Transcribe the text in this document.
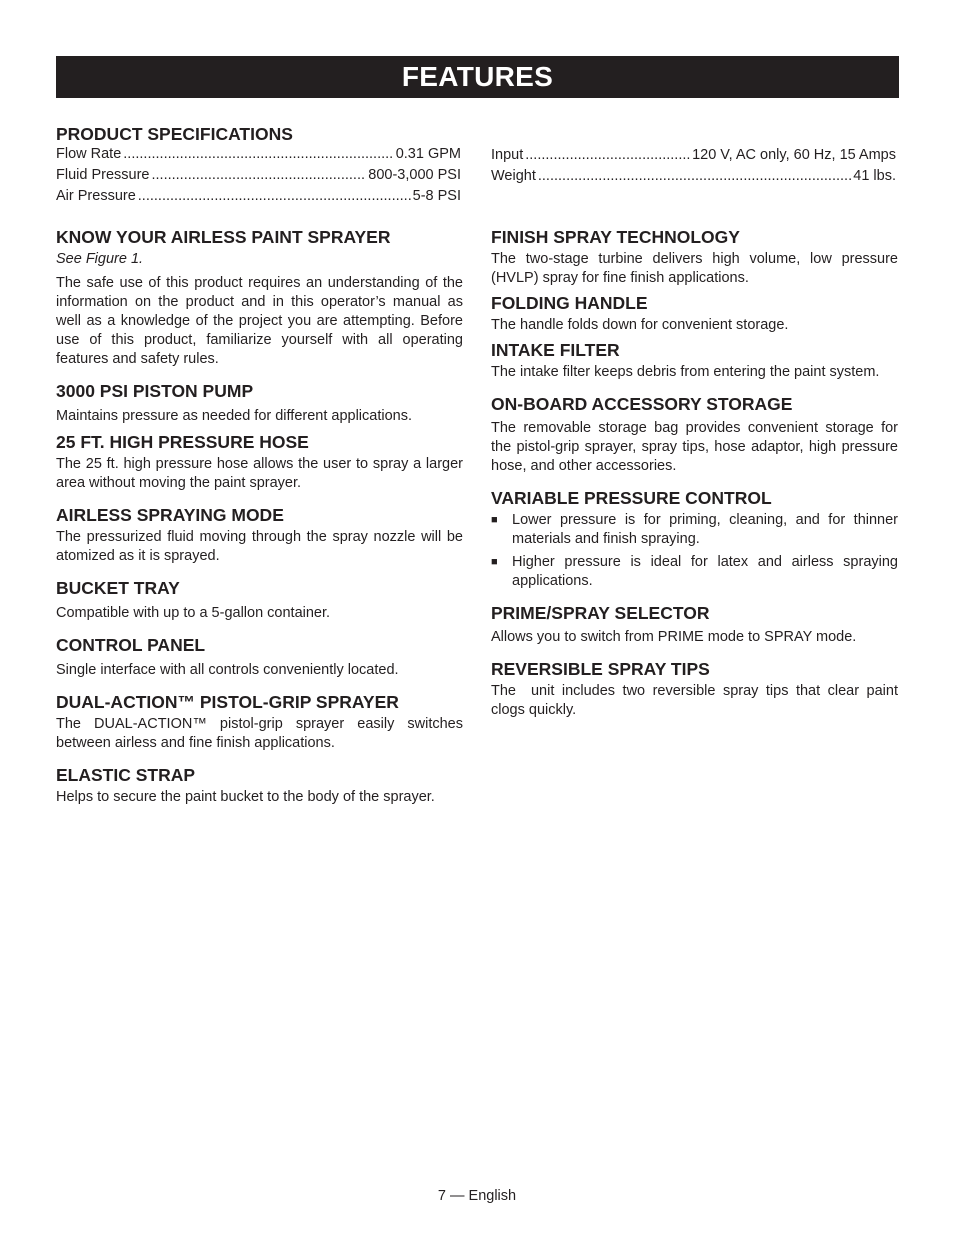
FEATURES
PRODUCT SPECIFICATIONS
Flow Rate .....	0.31 GPM
Fluid Pressure .....	800-3,000 PSI
Air Pressure .....	5-8 PSI
Input .....	120 V, AC only, 60 Hz, 15 Amps
Weight .....	41 lbs.
KNOW YOUR AIRLESS PAINT SPRAYER
See Figure 1.
The safe use of this product requires an understanding of the information on the product and in this operator’s manual as well as a knowledge of the project you are attempting. Before use of this product, familiarize yourself with all operating features and safety rules.
3000 PSI PISTON PUMP
Maintains pressure as needed for different applications.
25 FT. HIGH PRESSURE HOSE
The 25 ft. high pressure hose allows the user to spray a larger area without moving the paint sprayer.
AIRLESS SPRAYING MODE
The pressurized fluid moving through the spray nozzle will be atomized as it is sprayed.
BUCKET TRAY
Compatible with up to a 5-gallon container.
CONTROL PANEL
Single interface with all controls conveniently located.
DUAL-ACTION™ PISTOL-GRIP SPRAYER
The DUAL-ACTION™ pistol-grip sprayer easily switches between airless and fine finish applications.
ELASTIC STRAP
Helps to secure the paint bucket to the body of the sprayer.
FINISH SPRAY TECHNOLOGY
The two-stage turbine delivers high volume, low pressure (HVLP) spray for fine finish applications.
FOLDING HANDLE
The handle folds down for convenient storage.
INTAKE FILTER
The intake filter keeps debris from entering the paint system.
ON-BOARD ACCESSORY STORAGE
The removable storage bag provides convenient storage for the pistol-grip sprayer, spray tips, hose adaptor, high pressure hose, and other accessories.
VARIABLE PRESSURE CONTROL
■ Lower pressure is for priming, cleaning, and for thinner materials and finish spraying.
■ Higher pressure is ideal for latex and airless spraying applications.
PRIME/SPRAY SELECTOR
Allows you to switch from PRIME mode to SPRAY mode.
REVERSIBLE SPRAY TIPS
The  unit includes two reversible spray tips that clear paint clogs quickly.
7 — English
